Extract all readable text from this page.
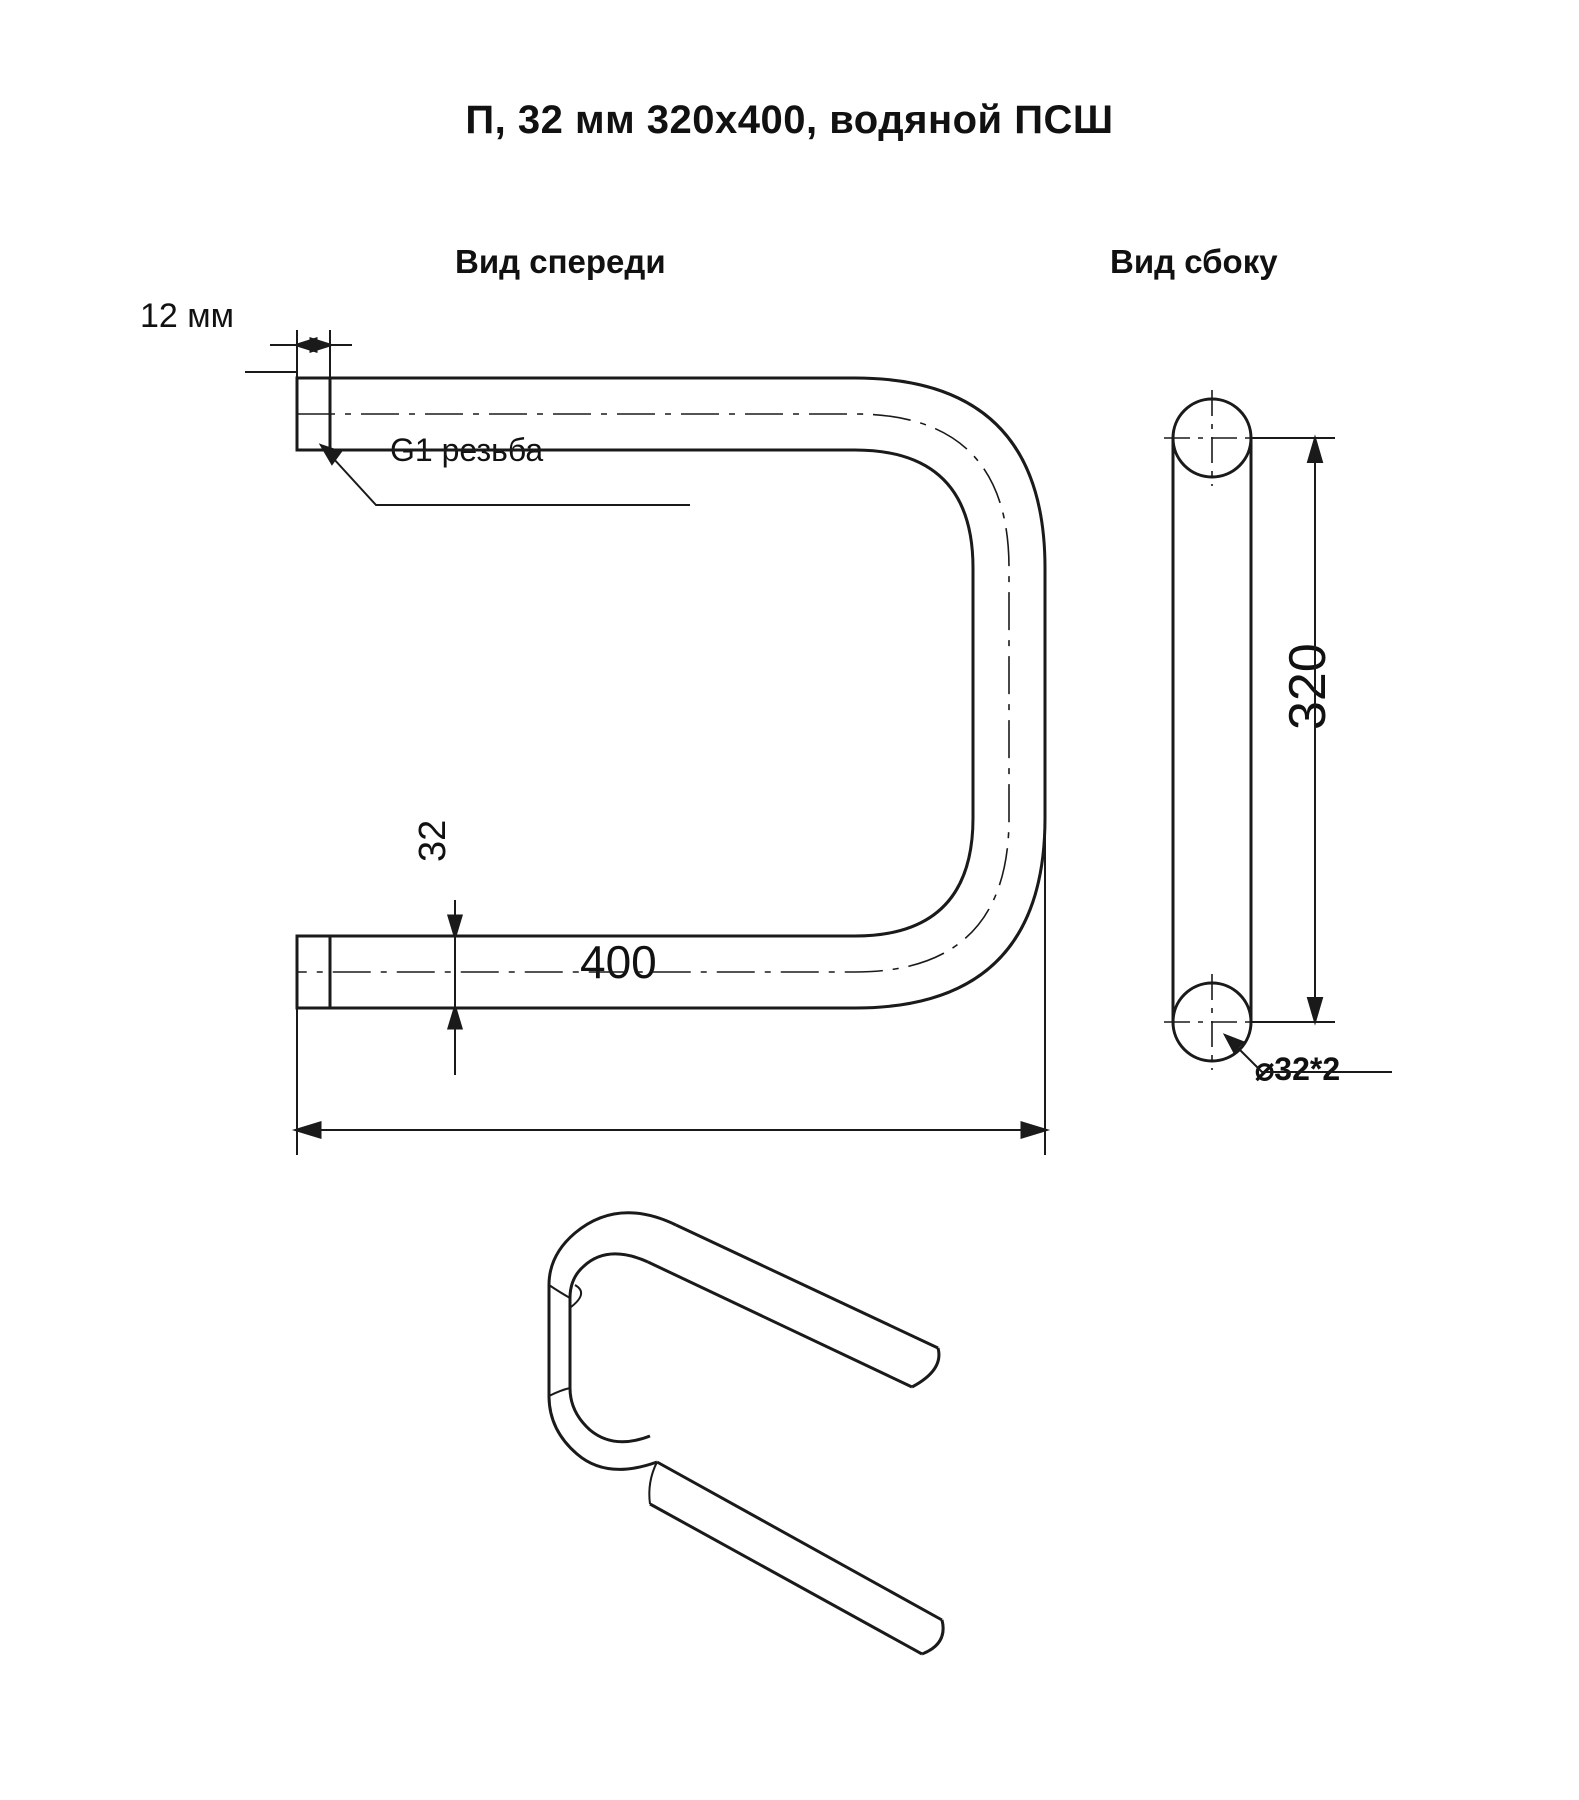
П, 32 мм 320x400, водяной ПСШ
Вид спереди	Вид сбоку
12 мм
G1 резьба
32
400
320
⌀32*2
